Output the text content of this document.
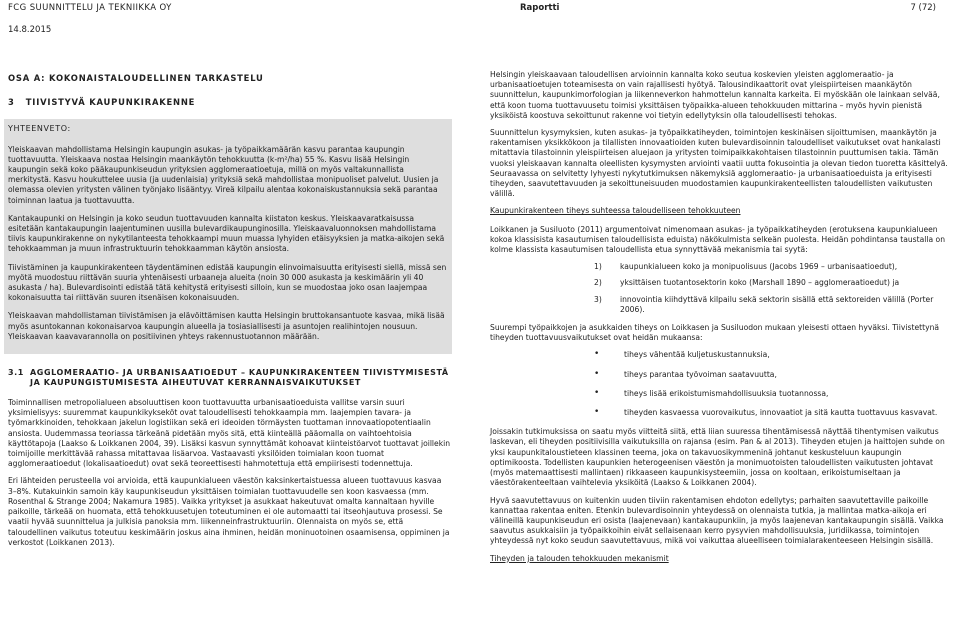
FCG SUUNNITTELU JA TEKNIIKKA OY	Raportti	7 (72)
14.8.2015
OSA A: KOKONAISTALOUDELLINEN TARKASTELU
3   TIIVISTYVÄ KAUPUNKIRAKENNE
YHTEENVETO:

Yleiskaavan mahdollistama Helsingin kaupungin asukas- ja työpaikkamäärän kasvu parantaa kaupungin tuottavuutta. Yleiskaava nostaa Helsingin maankäytön tehokkuutta (k-m²/ha) 55 %. Kasvu lisää Helsingin kaupungin sekä koko pääkaupunkiseudun yrityksien agglomeraatioetuja, millä on myös valtakunnallista merkitystä. Kasvu houkuttelee uusia (ja uudenlaisia) yrityksiä sekä mahdollistaa monipuoliset palvelut. Uusien ja olemassa olevien yritysten välinen työnjako lisääntyy. Vireä kilpailu alentaa kokonaiskustannuksia sekä parantaa toiminnan laatua ja tuottavuutta.

Kantakaupunki on Helsingin ja koko seudun tuottavuuden kannalta kiistaton keskus. Yleiskaavaratkaisussa esitetään kantakaupungin laajentuminen uusilla bulevardikaupunginosilla. Yleiskaavaluonnoksen mahdollistama tiivis kaupunkirakenne on nykytilanteesta tehokkaampi muun muassa lyhyiden etäisyyksien ja matka-aikojen sekä tehokkaamman ja muun infrastruktuurin tehokkaamman käytön ansiosta.

Tiivistäminen ja kaupunkirakenteen täydentäminen edistää kaupungin elinvoimaisuutta erityisesti siellä, missä sen myötä muodostuu riittävän suuria yhtenäisesti urbaaneja alueita (noin 30 000 asukasta ja keskimäärin yli 40 asukasta / ha). Bulevardisointi edistää tätä kehitystä erityisesti silloin, kun se muodostaa joko osan laajempaa kokonaisuutta tai riittävän suuren itsenäisen kokonaisuuden.

Yleiskaavan mahdollistaman tiivistämisen ja elävöittämisen kautta Helsingin bruttokansantuote kasvaa, mikä lisää myös asuntokannan kokonaisarvoa kaupungin alueella ja tosiasiallisesti ja asuntojen realihintojen nousuun. Yleiskaavan kaavavarannolla on positiivinen yhteys rakennustuotannon määrään.

3.1 AGGLOMERAATIO- JA URBANISAATIOEDUT – KAUPUNKIRAKENTEEN TIIVISTYMISESTÄ JA KAUPUNGISTUMISESTA AIHEUTUVAT KERRANNAISVAIKUTUKSET

Toiminnallisen metropolialueen absoluuttisen koon tuottavuutta urbanisaatioeduista vallitse varsin suuri yksimielisyys: suuremmat kaupunkikykseköt ovat taloudellisesti tehokkaampia mm. laajempien tavara- ja työmarkkinoiden, tehokkaan jakelun logistiikan sekä eri ideoiden törmäysten tuottaman innovaatiopotentiaalin ansiosta. Uudemmassa teoriassa tärkeänä pidetään myös sitä, että kiinteällä pääomalla on vaihtoehtoisia käyttötapoja (Laakso & Loikkanen 2004, 39). Lisäksi kasvun synnyttämät kohoavat kiinteistöarvot tuottavat joillekin toimijoille merkittävää rahassa mitattavaa lisäarvoa. Vastaavasti yksilöiden toimialan koon tuomat agglomeraatioedut (lokalisaatioedut) ovat sekä teoreettisesti hahmotettuja että empiirisesti todennettuja.

Eri lähteiden perusteella voi arvioida, että kaupunkialueen väestön kaksinkertaistuessa alueen tuottavuus kasvaa 3–8%. Kutakuinkin samoin käy kaupunkiseudun yksittäisen toimialan tuottavuudelle sen koon kasvaessa (mm. Rosenthal & Strange 2004; Nakamura 1985). Vaikka yritykset ja asukkaat hakeutuvat omalta kannaltaan hyville paikoille, tärkeää on huomata, että tehokkuusetujen toteutuminen ei ole automaatti tai itseohjautuva prosessi. Se vaatii hyvää suunnittelua ja julkisia panoksia mm. liikenneinfrastruktuuriin. Olennaista on myös se, että taloudellinen vaikutus toteutuu keskimäärin joskus aina ihminen, heidän moninuotoinen osaamisensa, oppiminen ja verkostot (Loikkanen 2013).

Helsingin yleiskaavaan taloudellisen arvioinnin kannalta koko seutua koskevien yleisten agglomeraatio- ja urbanisaatioetujen toteamisesta on vain rajallisesti hyötyä. Talousindikaattorit ovat yleispiirteisen maankäytön suunnittelun, kaupunkimorfologian ja liikenneverkon hahmottelun kannalta karkeita. Ei myöskään ole lainkaan selvää, että koon tuoma tuottavuusetu toimisi yksittäisen työpaikka-alueen tehokkuuden mittarina – myös hyvin pienistä yksiköistä koostuva sekoittunut rakenne voi tietyin edellytyksin olla taloudellisesti tehokas.

Suunnittelun kysymyksien, kuten asukas- ja työpaikkatiheyden, toimintojen keskinäisen sijoittumisen, maankäytön ja rakentamisen yksikkökoon ja tilallisten innovaatioiden kuten bulevardisoinnin taloudelliset vaikutukset ovat hankalasti mitattavia tilastoinnin yleispiirteisen aluejaon ja yritysten toimipaikkakohtaisen tilastoinnin puuttumisen takia. Tämän vuoksi yleiskaavan kannalta oleellisten kysymysten arviointi vaatii uutta fokusointia ja olevan tiedon tuoretta käsittelyä. Seuraavassa on selvitetty lyhyesti nykytutkimuksen näkemyksiä agglomeraatio- ja urbanisaatioeduista ja erityisesti tiheyden, saavutettavuuden ja sekoittuneisuuden muodostamien kaupunkirakenteellisten taloudellisten vaikutusten välillä.

Kaupunkirakenteen tiheys suhteessa taloudelliseen tehokkuuteen

Loikkanen ja Susiluoto (2011) argumentoivat nimenomaan asukas- ja työpaikkatiheyden (erotuksena kaupunkialueen kokoa klassisista kasautumisen taloudellisista eduista) näkökulmista selkeän puolesta. Heidän pohdintansa taustalla on kolme klassista kasautumisen taloudellista etua synnyttävää mekanismia tai syytä:

1)	kaupunkialueen koko ja monipuolisuus (Jacobs 1969 – urbanisaatioedut),
2)	yksittäisen tuotantosektorin koko (Marshall 1890 – agglomeraatioedut) ja
3)	innovointia kiihdyttävä kilpailu sekä sektorin sisällä että sektoreiden välillä (Porter 2006).

Suurempi työpaikkojen ja asukkaiden tiheys on Loikkasen ja Susiluodon mukaan yleisesti ottaen hyväksi. Tiivistettynä tiheyden tuottavuusvaikutukset ovat heidän mukaansa:

•	tiheys vähentää kuljetuskustannuksia,
•	tiheys parantaa työvoiman saatavuutta,
•	tiheys lisää erikoistumismahdollisuuksia tuotannossa,
•	tiheyden kasvaessa vuorovaikutus, innovaatiot ja sitä kautta tuottavuus kasvavat.

Joissakin tutkimuksissa on saatu myös viitteitä siitä, että liian suuressa tihentämisessä näyttää tihentymisen vaikutus laskevan, eli tiheyden positiivisilla vaikutuksilla on rajansa (esim. Pan & al 2013). Tiheyden etujen ja haittojen suhde on yksi kaupunkitaloustieteen klassinen teema, joka on takavuosikymmeninä johtanut keskusteluun kaupungin optimikoosta. Todellisten kaupunkien heterogeenisen väestön ja monimuotoisten taloudellisten vaikutusten johtavat (myös matemaattisesti mallintaen) rikkaaseen kaupunkisysteemiin, jossa on kooltaan, erikoistumiseltaan ja väestörakenteeltaan vaihtelevia yksiköitä (Laakso & Loikkanen 2004).

Hyvä saavutettavuus on kuitenkin uuden tiiviin rakentamisen ehdoton edellytys; parhaiten saavutettaville paikoille kannattaa rakentaa eniten. Etenkin bulevardisoinnin yhteydessä on olennaista tutkia, ja mallintaa matka-aikoja eri välineillä kaupunkiseudun eri osista (laajenevaan) kantakaupunkiin, ja myös laajenevan kantakaupungin sisällä. Vaikka saavutus asukkaisiin ja työpaikkoihin eivät sellaisenaan kerro pysyvien mahdollisuuksia, juridiikassa, toimintojen yhteydessä nyt koko seudun saavutettavuus, mikä voi vaikuttaa alueelliseen toimialarakenteeseen Helsingin sisällä.

Tiheyden ja talouden tehokkuuden mekanismit
